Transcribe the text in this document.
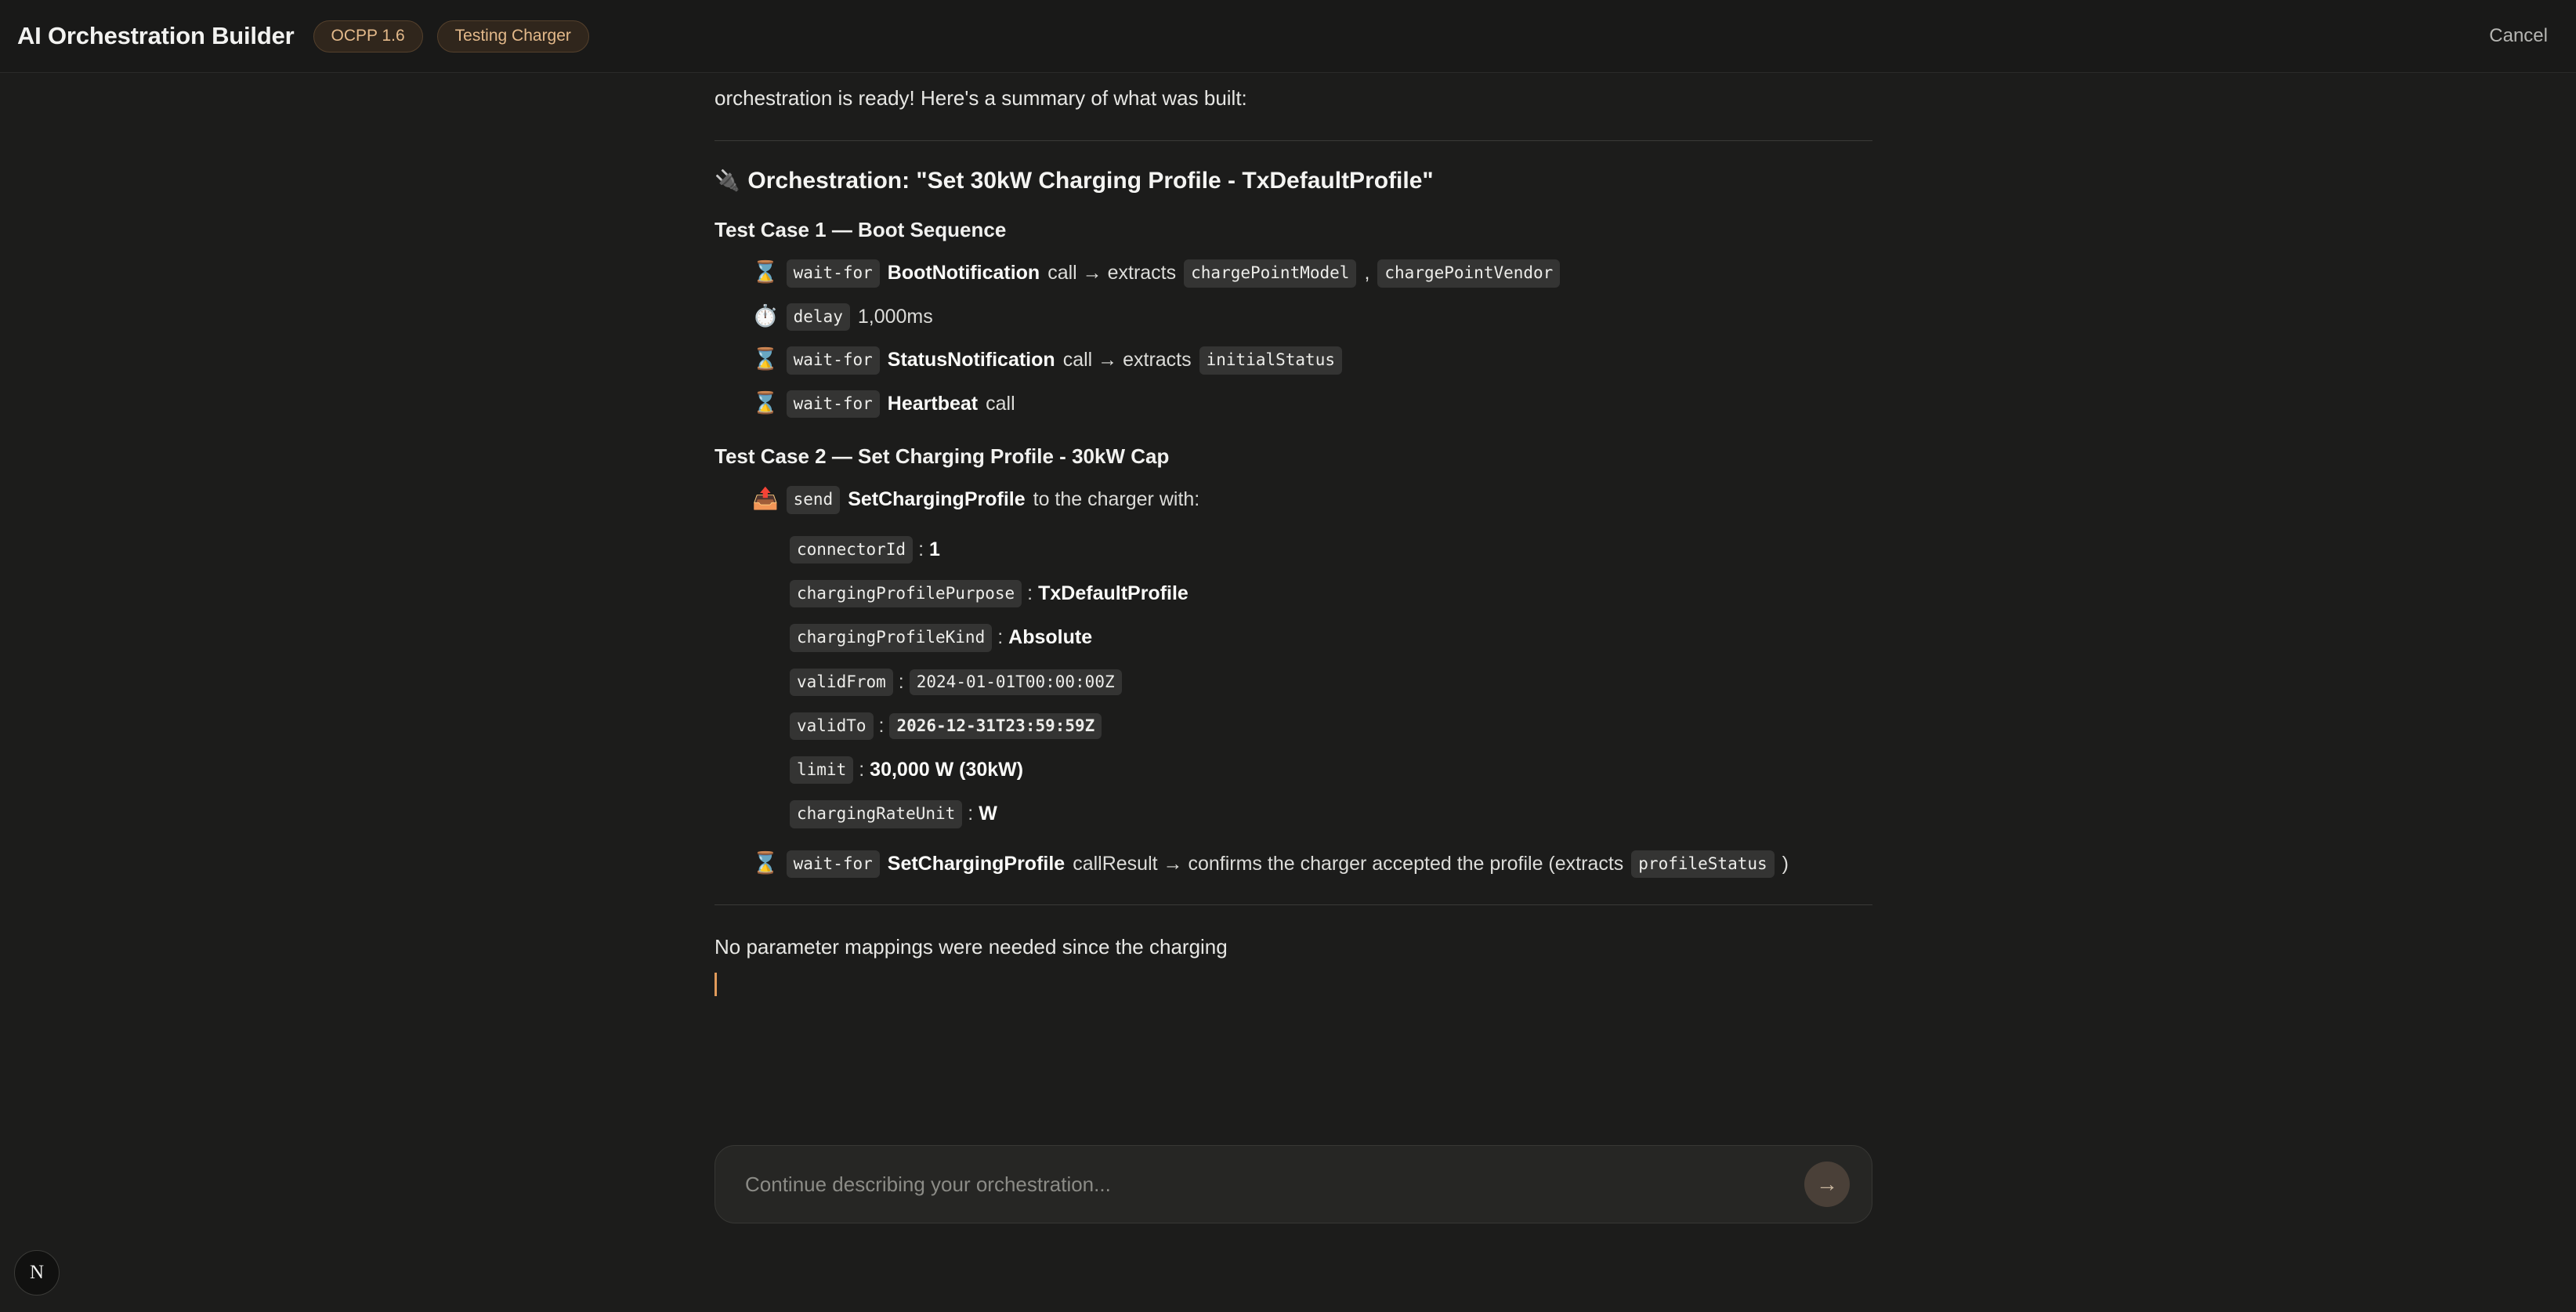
AI Orchestration Builder	OCPP 1.6	Testing Charger	Cancel
orchestration is ready! Here's a summary of what was built:
🔌 Orchestration: "Set 30kW Charging Profile - TxDefaultProfile"
Test Case 1 — Boot Sequence
⌛ wait-for BootNotification call → extracts chargePointModel , chargePointVendor
⏱️ delay 1,000ms
⌛ wait-for StatusNotification call → extracts initialStatus
⌛ wait-for Heartbeat call
Test Case 2 — Set Charging Profile - 30kW Cap
📤 send SetChargingProfile to the charger with:
connectorId : 1
chargingProfilePurpose : TxDefaultProfile
chargingProfileKind : Absolute
validFrom : 2024-01-01T00:00:00Z
validTo : 2026-12-31T23:59:59Z
limit : 30,000 W (30kW)
chargingRateUnit : W
⌛ wait-for SetChargingProfile callResult → confirms the charger accepted the profile (extracts profileStatus )
No parameter mappings were needed since the charging
Continue describing your orchestration...
→
N
